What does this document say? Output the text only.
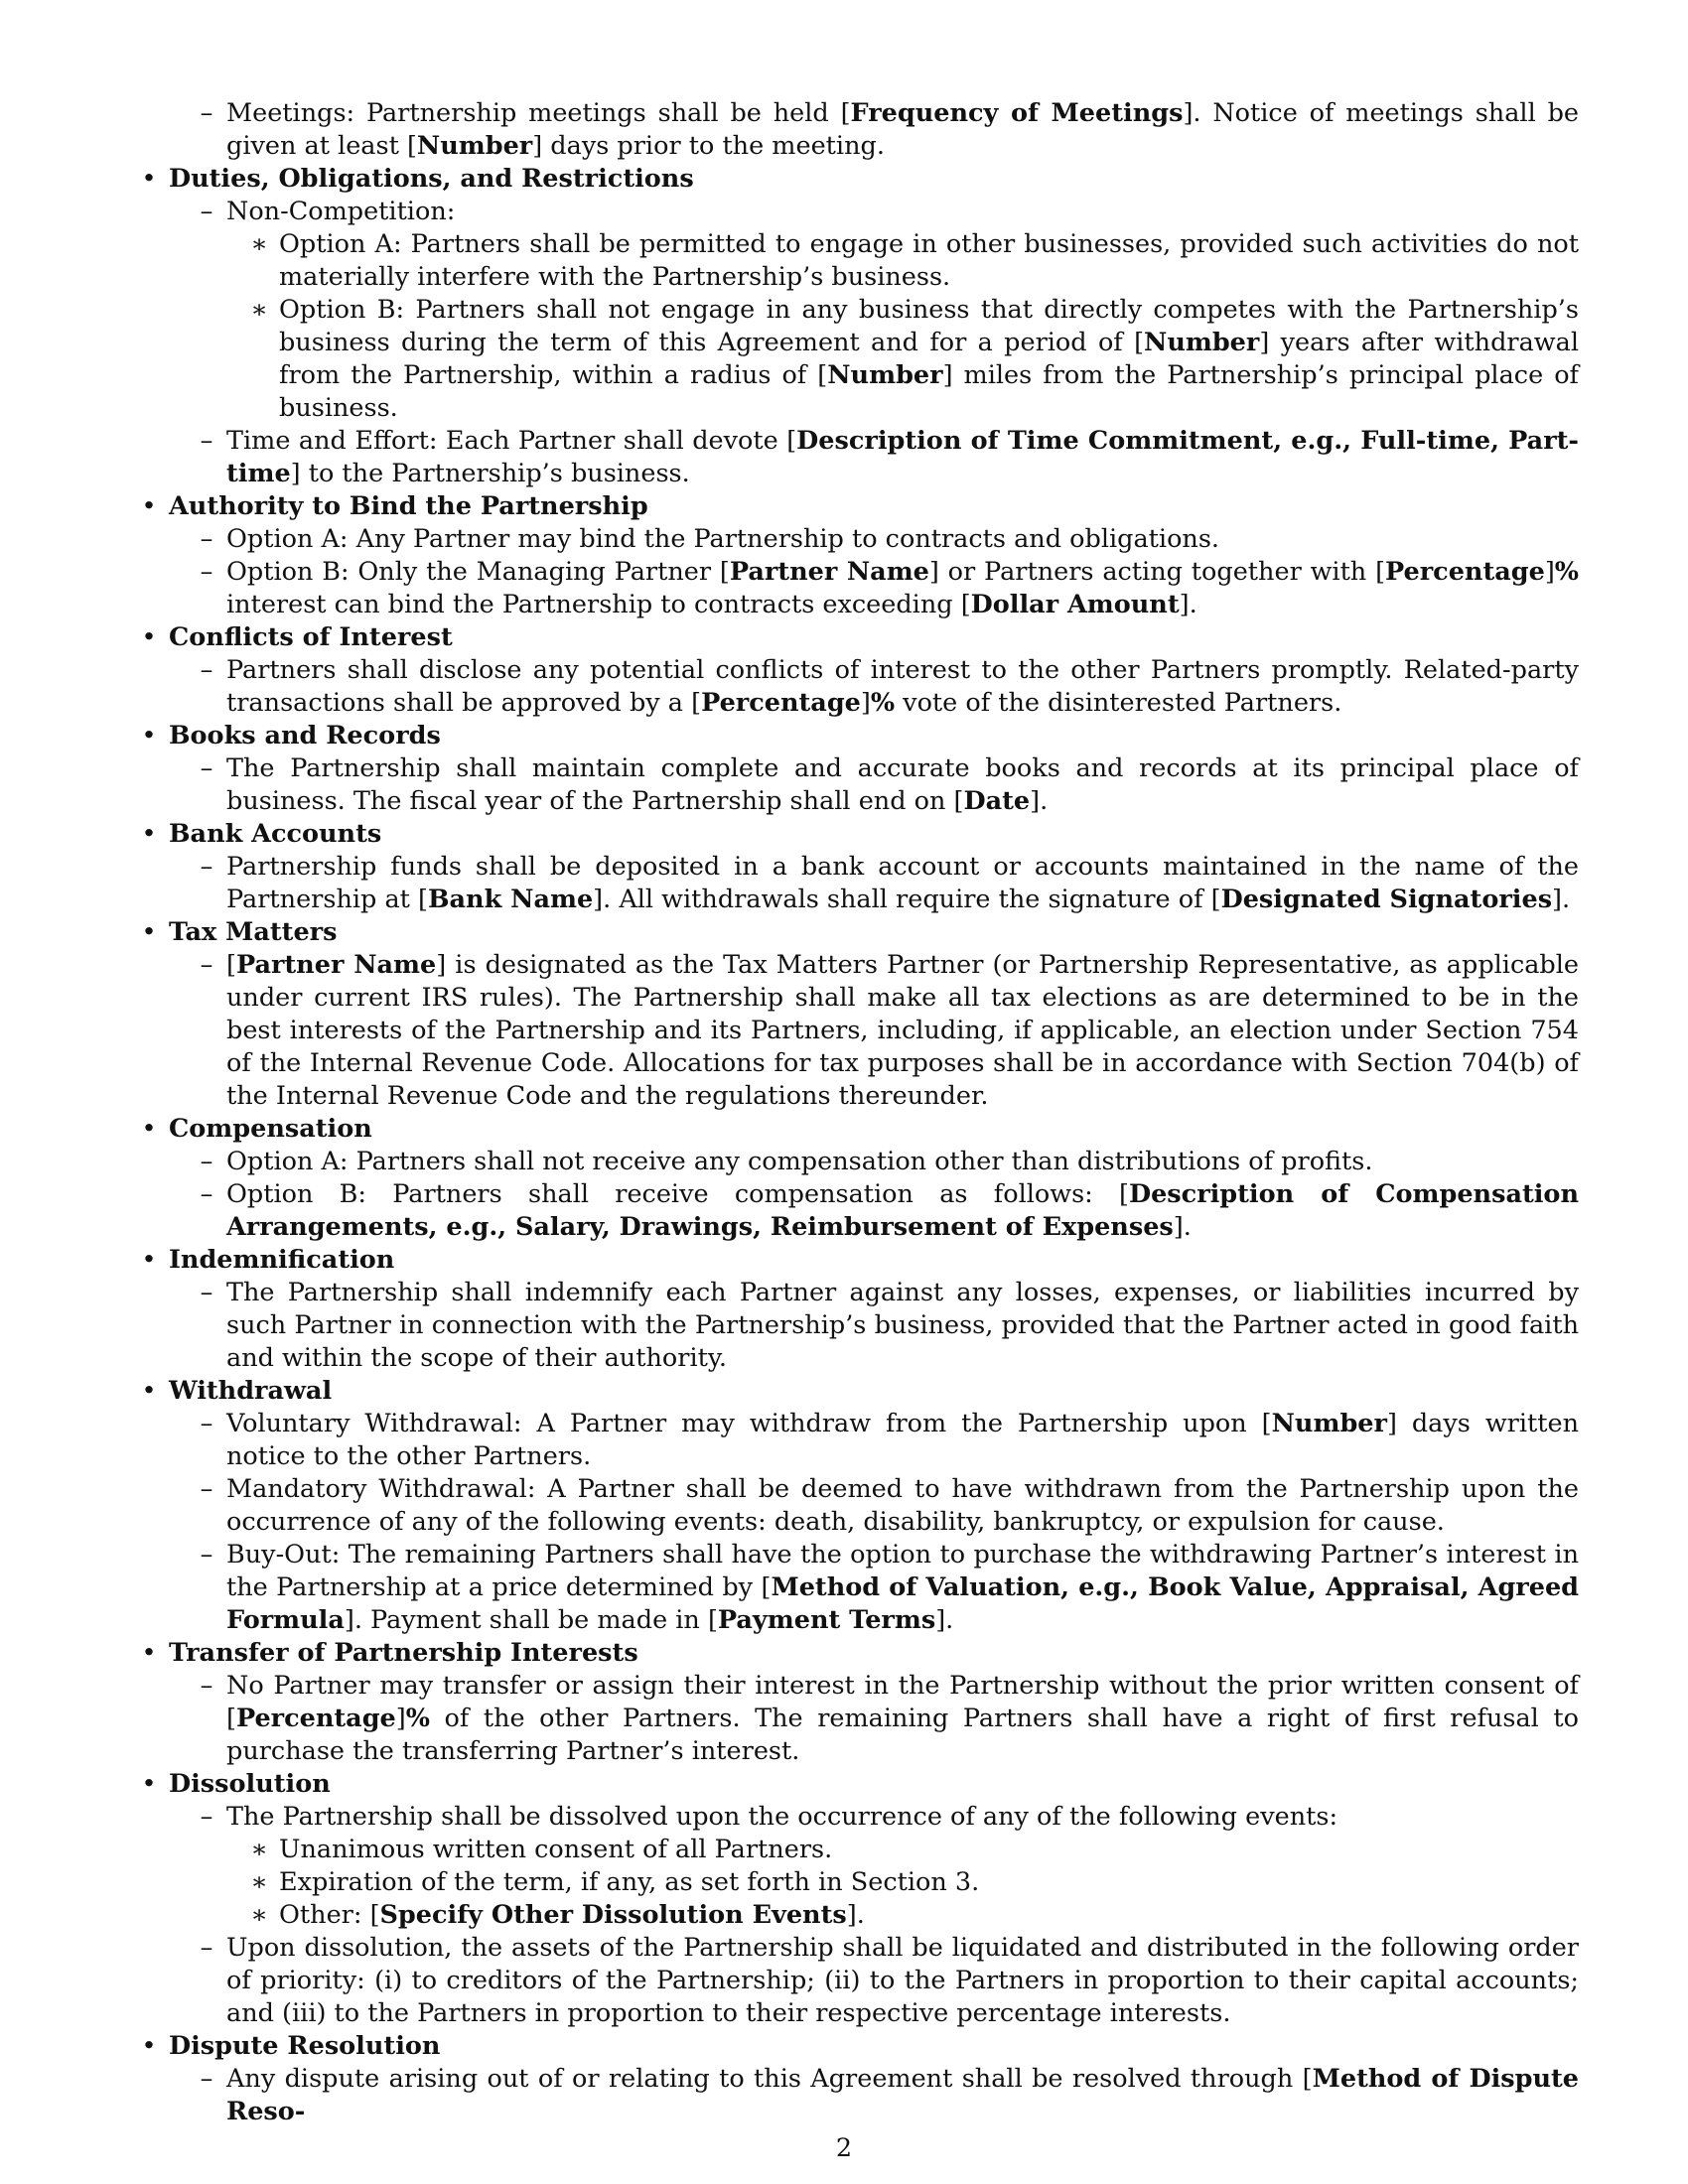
– Meetings: Partnership meetings shall be held [Frequency of Meetings]. Notice of meetings shall be given at least [Number] days prior to the meeting.
• Duties, Obligations, and Restrictions
– Non-Competition:
∗ Option A: Partners shall be permitted to engage in other businesses, provided such activities do not materially interfere with the Partnership’s business.
∗ Option B: Partners shall not engage in any business that directly competes with the Partnership’s business during the term of this Agreement and for a period of [Number] years after withdrawal from the Partnership, within a radius of [Number] miles from the Partnership’s principal place of business.
– Time and Effort: Each Partner shall devote [Description of Time Commitment, e.g., Full-time, Part-time] to the Partnership’s business.
• Authority to Bind the Partnership
– Option A: Any Partner may bind the Partnership to contracts and obligations.
– Option B: Only the Managing Partner [Partner Name] or Partners acting together with [Percentage]% interest can bind the Partnership to contracts exceeding [Dollar Amount].
• Conflicts of Interest
– Partners shall disclose any potential conflicts of interest to the other Partners promptly. Related-party transactions shall be approved by a [Percentage]% vote of the disinterested Partners.
• Books and Records
– The Partnership shall maintain complete and accurate books and records at its principal place of business. The fiscal year of the Partnership shall end on [Date].
• Bank Accounts
– Partnership funds shall be deposited in a bank account or accounts maintained in the name of the Partnership at [Bank Name]. All withdrawals shall require the signature of [Designated Signatories].
• Tax Matters
– [Partner Name] is designated as the Tax Matters Partner (or Partnership Representative, as applicable under current IRS rules). The Partnership shall make all tax elections as are determined to be in the best interests of the Partnership and its Partners, including, if applicable, an election under Section 754 of the Internal Revenue Code. Allocations for tax purposes shall be in accordance with Section 704(b) of the Internal Revenue Code and the regulations thereunder.
• Compensation
– Option A: Partners shall not receive any compensation other than distributions of profits.
– Option B: Partners shall receive compensation as follows: [Description of Compensation Arrangements, e.g., Salary, Drawings, Reimbursement of Expenses].
• Indemnification
– The Partnership shall indemnify each Partner against any losses, expenses, or liabilities incurred by such Partner in connection with the Partnership’s business, provided that the Partner acted in good faith and within the scope of their authority.
• Withdrawal
– Voluntary Withdrawal: A Partner may withdraw from the Partnership upon [Number] days written notice to the other Partners.
– Mandatory Withdrawal: A Partner shall be deemed to have withdrawn from the Partnership upon the occurrence of any of the following events: death, disability, bankruptcy, or expulsion for cause.
– Buy-Out: The remaining Partners shall have the option to purchase the withdrawing Partner’s interest in the Partnership at a price determined by [Method of Valuation, e.g., Book Value, Appraisal, Agreed Formula]. Payment shall be made in [Payment Terms].
• Transfer of Partnership Interests
– No Partner may transfer or assign their interest in the Partnership without the prior written consent of [Percentage]% of the other Partners. The remaining Partners shall have a right of first refusal to purchase the transferring Partner’s interest.
• Dissolution
– The Partnership shall be dissolved upon the occurrence of any of the following events:
∗ Unanimous written consent of all Partners.
∗ Expiration of the term, if any, as set forth in Section 3.
∗ Other: [Specify Other Dissolution Events].
– Upon dissolution, the assets of the Partnership shall be liquidated and distributed in the following order of priority: (i) to creditors of the Partnership; (ii) to the Partners in proportion to their capital accounts; and (iii) to the Partners in proportion to their respective percentage interests.
• Dispute Resolution
– Any dispute arising out of or relating to this Agreement shall be resolved through [Method of Dispute Reso-
2
